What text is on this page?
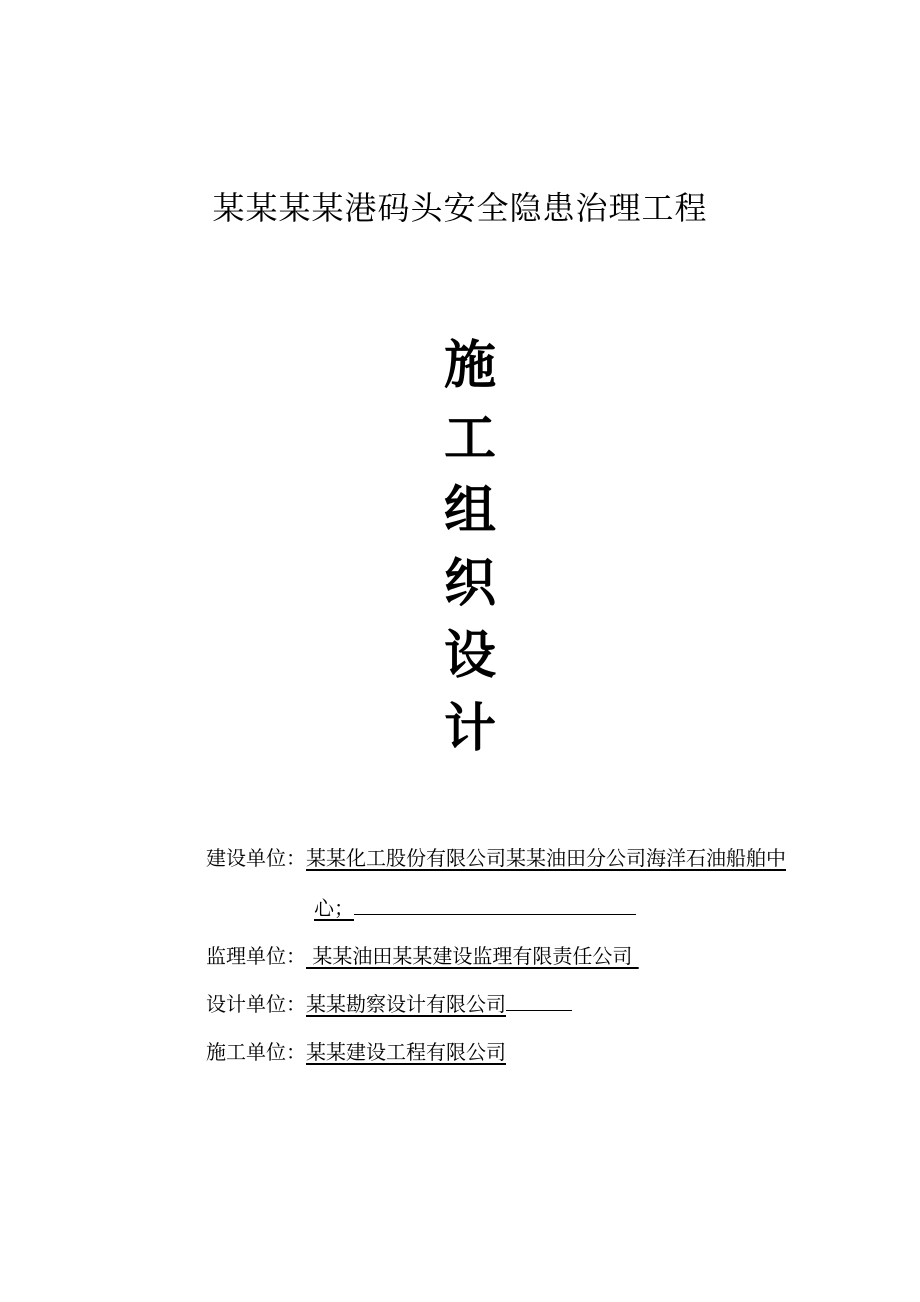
某某某某港码头安全隐患治理工程
施
工
组
织
设
计
建设单位：某某化工股份有限公司某某油田分公司海洋石油船舶中
心；
监理单位： 某某油田某某建设监理有限责任公司
设计单位：某某勘察设计有限公司
施工单位：某某建设工程有限公司
